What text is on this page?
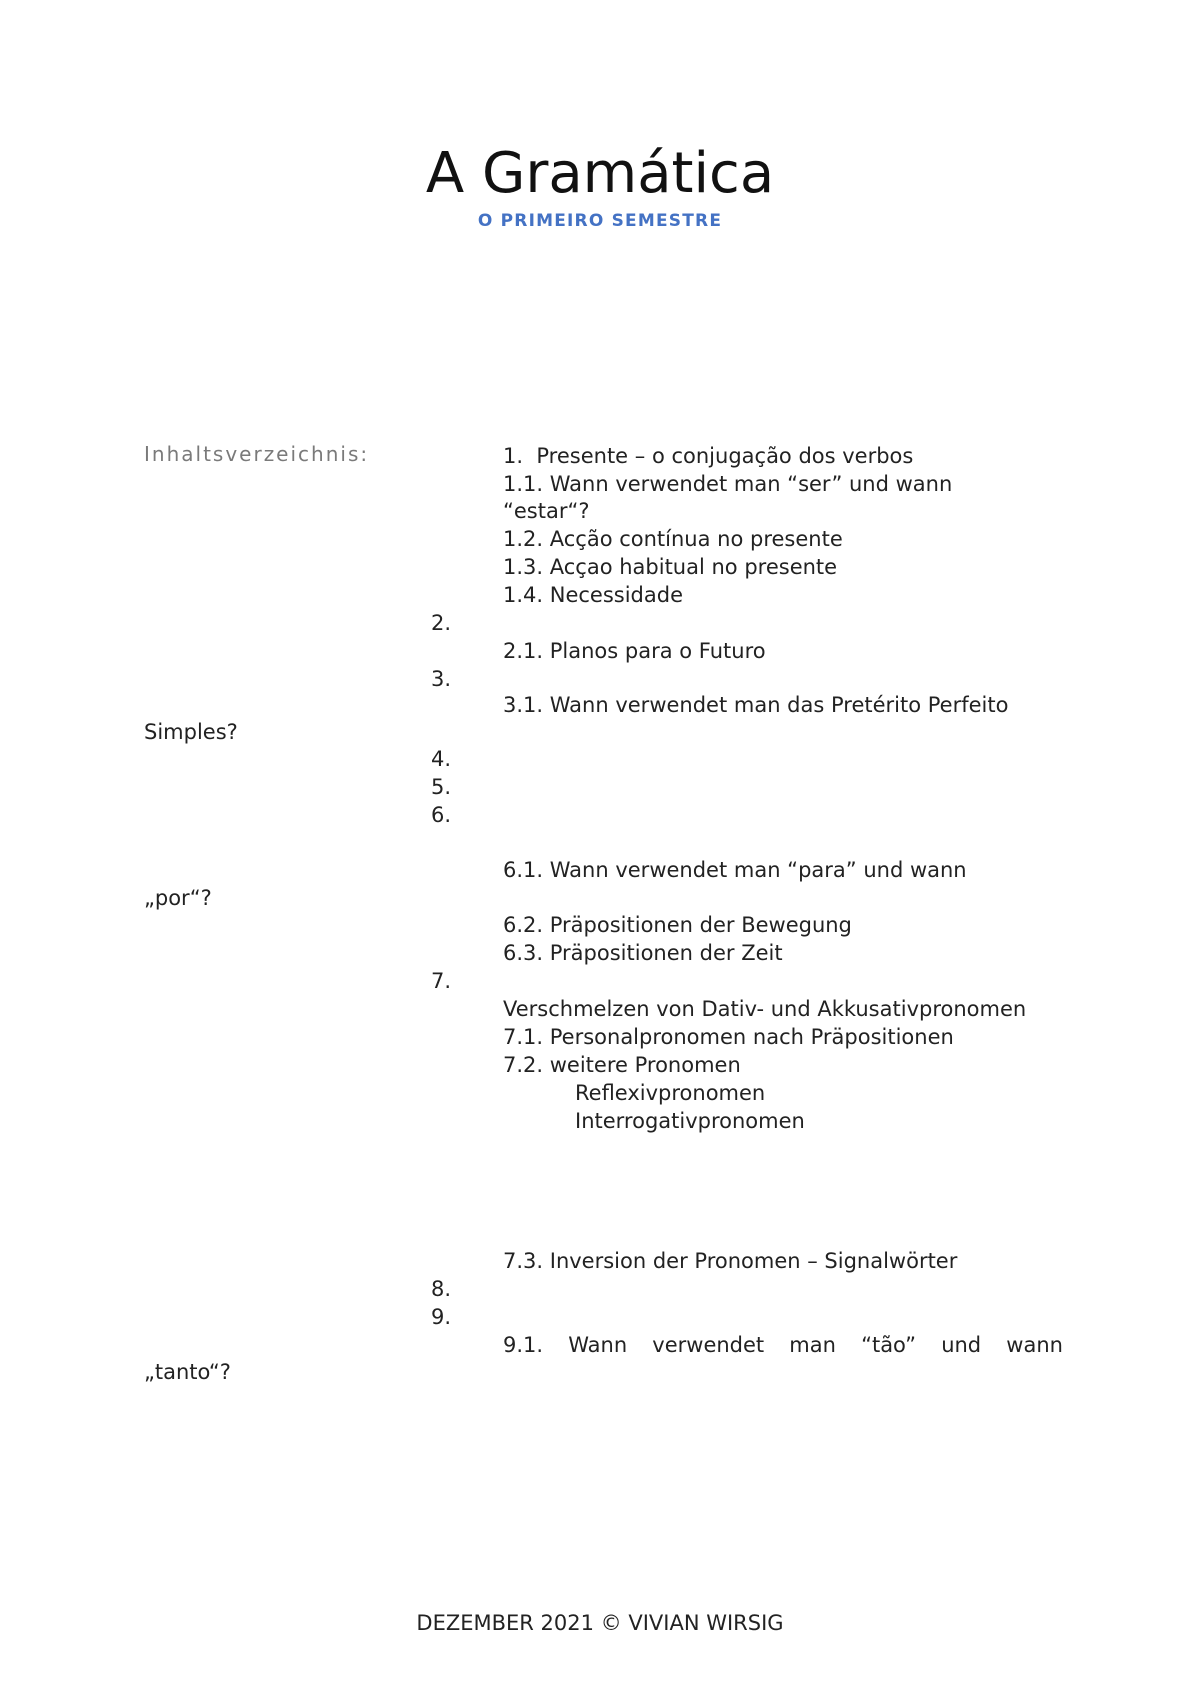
A Gramática
O PRIMEIRO SEMESTRE
Inhaltsverzeichnis:	1.  Presente – o conjugação dos verbos
1.1. Wann verwendet man “ser” und wann
“estar“?
1.2. Acção contínua no presente
1.3. Acçao habitual no presente
1.4. Necessidade
2.
2.1. Planos para o Futuro
3.
3.1. Wann verwendet man das Pretérito Perfeito
Simples?
4.
5.
6.
6.1. Wann verwendet man “para” und wann
„por“?
6.2. Präpositionen der Bewegung
6.3. Präpositionen der Zeit
7.
Verschmelzen von Dativ- und Akkusativpronomen
7.1. Personalpronomen nach Präpositionen
7.2. weitere Pronomen
Reflexivpronomen
Interrogativpronomen
7.3. Inversion der Pronomen – Signalwörter
8.
9.
9.1. Wann verwendet man “tão” und wann
„tanto“?
DEZEMBER 2021 © VIVIAN WIRSIG
